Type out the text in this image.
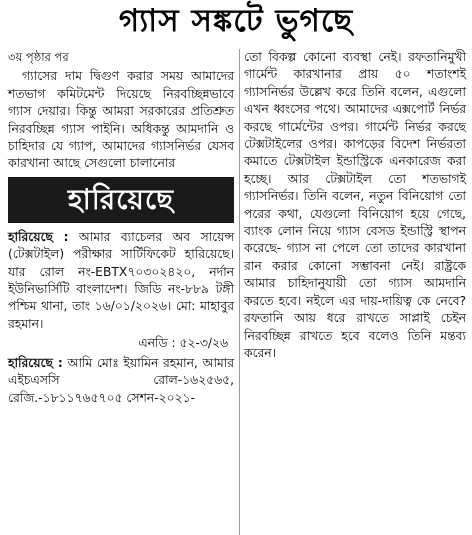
গ্যাস সঙ্কটে ভুগছে

৩য় পৃষ্ঠার পর

গ্যাসের দাম দ্বিগুণ করার সময় আমাদের শতভাগ কমিটমেন্ট দিয়েছে নিরবচ্ছিন্নভাবে গ্যাস দেয়ার। কিন্তু আমরা সরকারের প্রতিশ্রুত নিরবচ্ছিন্ন গ্যাস পাইনি। অধিকন্তু আমদানি ও চাহিদার যে গ্যাপ, আমাদের গ্যাসনির্ভর যেসব কারখানা আছে সেগুলো চালানোর

হারিয়েছে

হারিয়েছে : আমার ব্যাচেলর অব সায়েন্স (টেক্সটাইল) পরীক্ষার সার্টিফিকেট হারিয়েছে। যার রোল নং-EBTX৭০৩০২৪২০, নর্দান ইউনিভার্সিটি বাংলাদেশ। জিডি নং-৮৮৯ টঙ্গী পশ্চিম থানা, তাং ১৬/০১/২০২৬। মো: মাহাবুর রহমান।

এনডি : ৫২-৩/২৬

হারিয়েছে : আমি মোঃ ইয়ামিন রহমান, আমার এইচএসসি রোল-১৬২৫৬৫, রেজি.-১৮১১৭৬৫৭০৫ সেশন-২০২১-

তো বিকল্প কোনো ব্যবস্থা নেই। রফতানিমুখী গার্মেন্ট কারখানার প্রায় ৫০ শতাংশই গ্যাসনির্ভর উল্লেখ করে তিনি বলেন, এগুলো এখন ধ্বংসের পথে। আমাদের এক্সপোর্ট নির্ভর করছে গার্মেন্টের ওপর। গার্মেন্ট নির্ভর করছে টেক্সটাইলের ওপর। কাপড়ের বিদেশ নির্ভরতা কমাতে টেক্সটাইল ইন্ডাস্ট্রিকে এনকারেজ করা হচ্ছে। আর টেক্সটাইল তো শতভাগই গ্যাসনির্ভর। তিনি বলেন, নতুন বিনিয়োগ তো পরের কথা, যেগুলো বিনিয়োগ হয়ে গেছে, ব্যাংক লোন নিয়ে গ্যাস বেসড ইন্ডাস্ট্রি স্থাপন করেছে- গ্যাস না পেলে তো তাদের কারখানা রান করার কোনো সম্ভাবনা নেই। রাষ্ট্রকে আমার চাহিদানুযায়ী তো গ্যাস আমদানি করতে হবে। নইলে এর দায়-দায়িত্ব কে নেবে? রফতানি আয় ধরে রাখতে সাপ্লাই চেইন নিরবচ্ছিন্ন রাখতে হবে বলেও তিনি মন্তব্য করেন।
